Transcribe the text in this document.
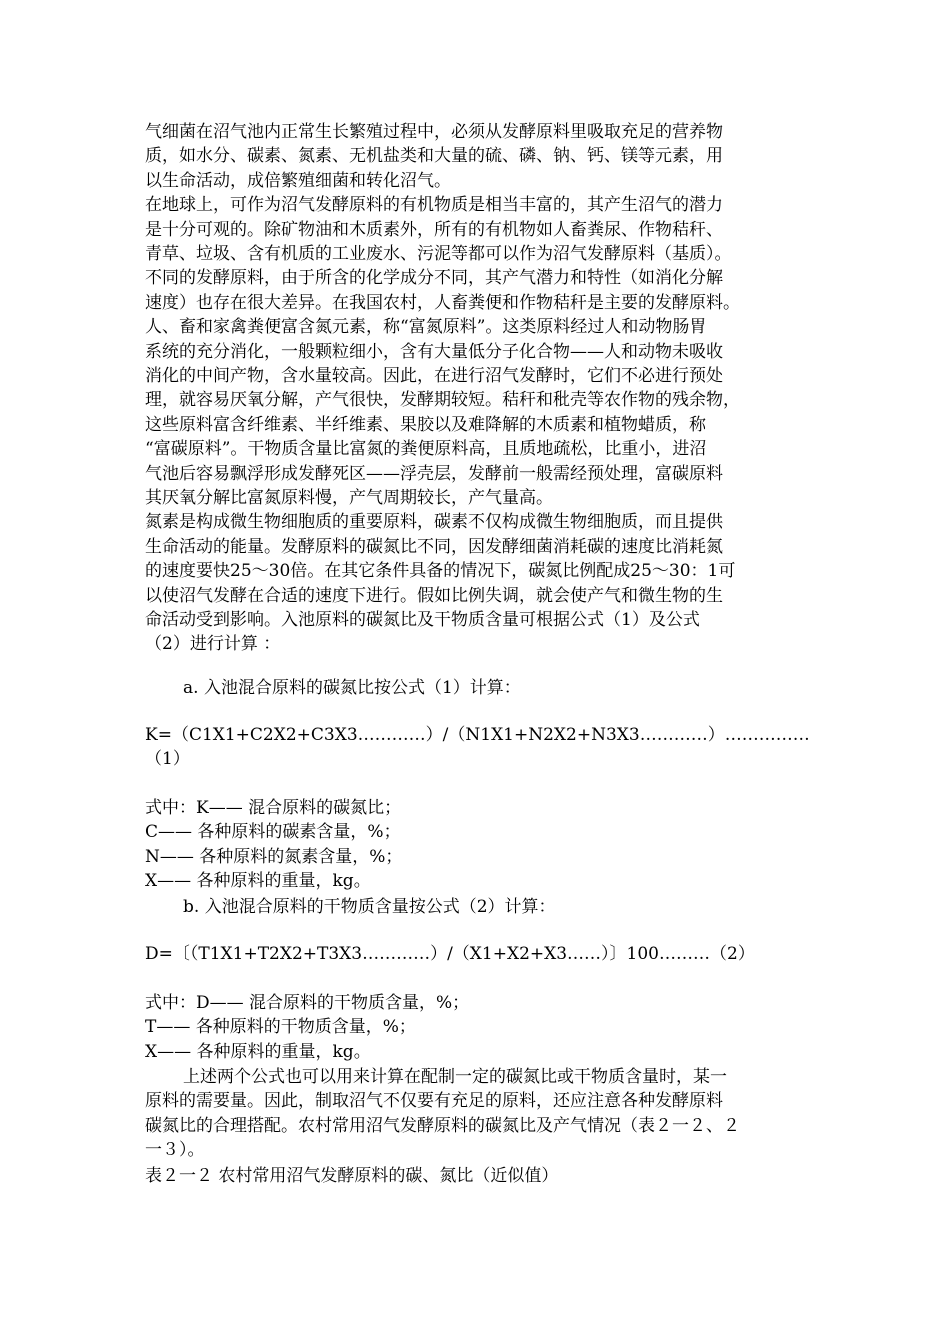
气细菌在沼气池内正常生长繁殖过程中，必须从发酵原料里吸取充足的营养物
质，如水分、碳素、氮素、无机盐类和大量的硫、磷、钠、钙、镁等元素，用
以生命活动，成倍繁殖细菌和转化沼气。
在地球上，可作为沼气发酵原料的有机物质是相当丰富的，其产生沼气的潜力
是十分可观的。除矿物油和木质素外，所有的有机物如人畜粪尿、作物秸秆、
青草、垃圾、含有机质的工业废水、污泥等都可以作为沼气发酵原料（基质）。
不同的发酵原料，由于所含的化学成分不同，其产气潜力和特性（如消化分解
速度）也存在很大差异。在我国农村，人畜粪便和作物秸秆是主要的发酵原料。
人、畜和家禽粪便富含氮元素，称“富氮原料”。这类原料经过人和动物肠胃
系统的充分消化，一般颗粒细小，含有大量低分子化合物——人和动物未吸收
消化的中间产物，含水量较高。因此，在进行沼气发酵时，它们不必进行预处
理，就容易厌氧分解，产气很快，发酵期较短。秸秆和秕壳等农作物的残余物，
这些原料富含纤维素、半纤维素、果胶以及难降解的木质素和植物蜡质，称
“富碳原料”。干物质含量比富氮的粪便原料高，且质地疏松，比重小，进沼
气池后容易飘浮形成发酵死区——浮壳层，发酵前一般需经预处理，富碳原料
其厌氧分解比富氮原料慢，产气周期较长，产气量高。
氮素是构成微生物细胞质的重要原料，碳素不仅构成微生物细胞质，而且提供
生命活动的能量。发酵原料的碳氮比不同，因发酵细菌消耗碳的速度比消耗氮
的速度要快25～30倍。在其它条件具备的情况下，碳氮比例配成25～30：1可
以使沼气发酵在合适的速度下进行。假如比例失调，就会使产气和微生物的生
命活动受到影响。入池原料的碳氮比及干物质含量可根据公式（1）及公式
（2）进行计算 ：
a. 入池混合原料的碳氮比按公式（1）计算：
K=（C1X1+C2X2+C3X3…………）/（N1X1+N2X2+N3X3…………）……………
（1）
式中：K—— 混合原料的碳氮比；
C—— 各种原料的碳素含量，%；
N—— 各种原料的氮素含量，%；
X—— 各种原料的重量，kg。
b. 入池混合原料的干物质含量按公式（2）计算：
D=〔（T1X1+T2X2+T3X3…………）/（X1+X2+X3……）〕100………（2）
式中：D—— 混合原料的干物质含量，%；
T—— 各种原料的干物质含量，%；
X—— 各种原料的重量，kg。
上述两个公式也可以用来计算在配制一定的碳氮比或干物质含量时，某一
原料的需要量。因此，制取沼气不仅要有充足的原料，还应注意各种发酵原料
碳氮比的合理搭配。农村常用沼气发酵原料的碳氮比及产气情况（表２一２、２
一３）。
表２一２ 农村常用沼气发酵原料的碳、氮比（近似值）
